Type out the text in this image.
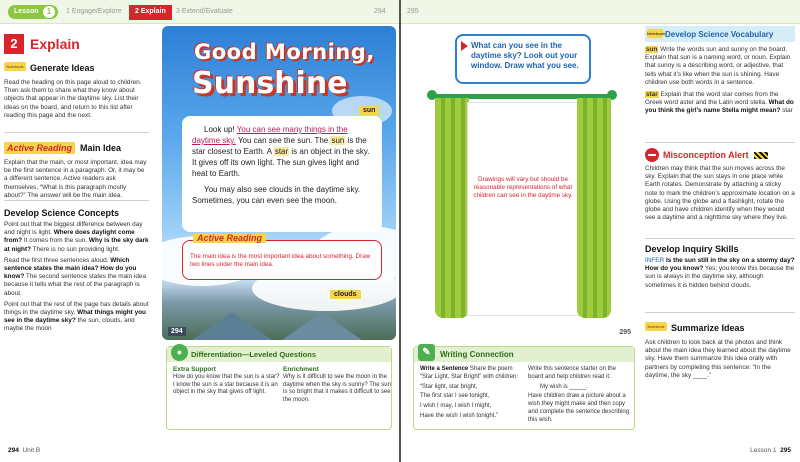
Lesson	1	1 Engage/Explore	2 Explain	3 Extend/Evaluate	294
2 Explain
Notebook Generate Ideas
Read the heading on this page aloud to children. Then ask them to share what they know about objects that appear in the daytime sky. List their ideas on the board, and return to this list after reading this page and the next.
Active Reading Main Idea
Explain that the main, or most important, idea may be the first sentence in a paragraph. Or, it may be a different sentence. Active readers ask themselves, “What is this paragraph mostly about?” The answer will be the main idea.
Develop Science Concepts
Point out that the biggest difference between day and night is light. Where does daylight come from? It comes from the sun. Why is the sky dark at night? There is no sun providing light.
Read the first three sentences aloud. Which sentence states the main idea? How do you know? The second sentence states the main idea because it tells what the rest of the paragraph is about.
Point out that the rest of the page has details about things in the daytime sky. What things might you see in the daytime sky? the sun, clouds, and maybe the moon
294 Unit B
Good Morning,
Sunshine
sun

Look up! You can see many things in the daytime sky. You can see the sun. The sun is the star closest to Earth. A star is an object in the sky. It gives off its own light. The sun gives light and heat to Earth.

You may also see clouds in the daytime sky. Sometimes, you can even see the moon.

Active Reading
The main idea is the most important idea about something. Draw two lines under the main idea.
clouds
294
●	Differentiation—Leveled Questions
Extra Support
How do you know that the sun is a star? I know the sun is a star because it is an object in the sky that gives off light.
Enrichment
Why is it difficult to see the moon in the daytime when the sky is sunny? The sun is so bright that it makes it difficult to see the moon.
295
What can you see in the daytime sky? Look out your window. Draw what you see.
Drawings will vary but should be reasonable representations of what children can see in the daytime sky.
295
✎	Writing Connection
Write a Sentence Share the poem “Star Light, Star Bright” with children:
“Star light, star bright,
The first star I see tonight,
I wish I may, I wish I might,
Have the wish I wish tonight.”
Write this sentence starter on the board and help children read it:
My wish is _____.
Have children draw a picture about a wish they might make and then copy and complete the sentence describing this wish.
Notebook Develop Science Vocabulary
sun Write the words sun and sunny on the board. Explain that sun is a naming word, or noun. Explain that sunny is a describing word, or adjective, that tells what it’s like when the sun is shining. Have children use both words in a sentence.
star Explain that the word star comes from the Greek word aster and the Latin word stella. What do you think the girl’s name Stella might mean? star
Misconception Alert
Children may think that the sun moves across the sky. Explain that the sun stays in one place while Earth rotates. Demonstrate by attaching a sticky note to mark the children’s approximate location on a globe. Using the globe and a flashlight, rotate the globe and have children identify when they would see a daytime and a nighttime sky where they live.
Develop Inquiry Skills
INFER Is the sun still in the sky on a stormy day? How do you know? Yes; you know this because the sun is always in the daytime sky, although sometimes it is hidden behind clouds.
Notebook Summarize Ideas
Ask children to look back at the photos and think about the main idea they learned about the daytime sky. Have them summarize this idea orally with partners by completing this sentence: “In the daytime, the sky ____.”
Lesson 1 295
